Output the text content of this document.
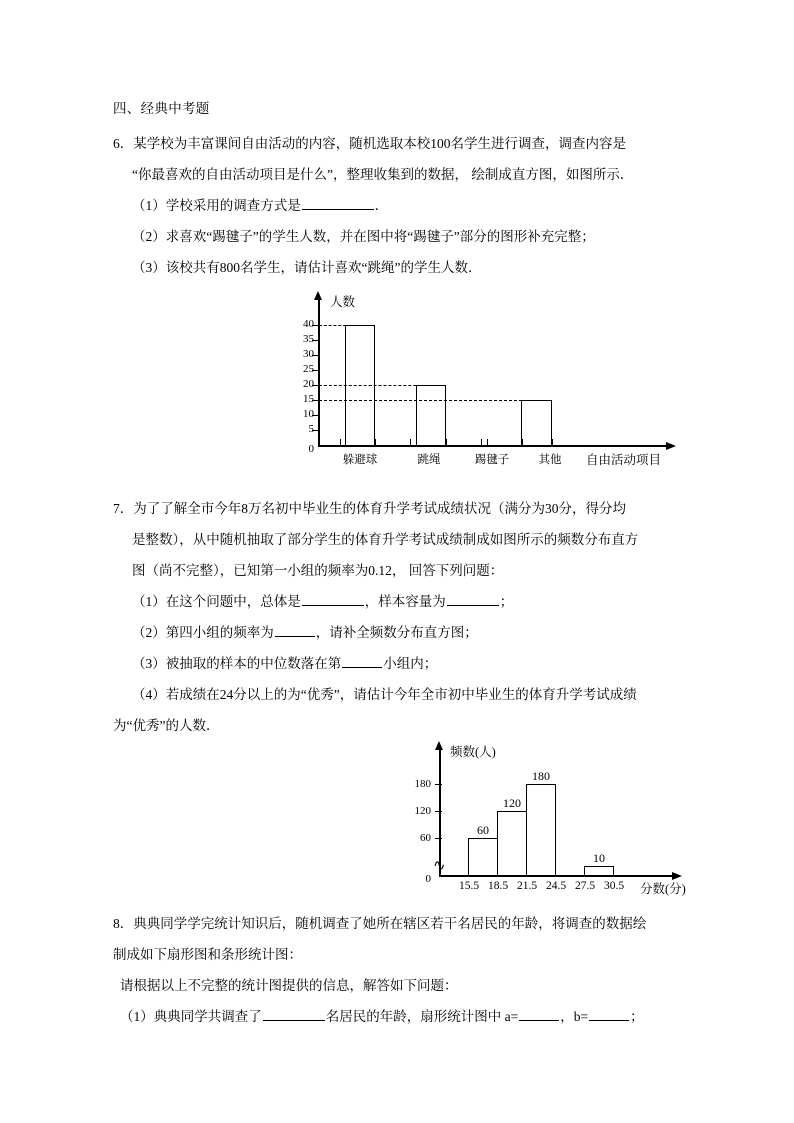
四、经典中考题
6．某学校为丰富课间自由活动的内容，随机选取本校100名学生进行调查，调查内容是
“你最喜欢的自由活动项目是什么”，整理收集到的数据， 绘制成直方图，如图所示．
（1）学校采用的调查方式是	．
（2）求喜欢“踢毽子”的学生人数，并在图中将“踢毽子”部分的图形补充完整；
（3）该校共有800名学生，请估计喜欢“跳绳”的学生人数．
人数
40
35
30
25
20
15
10
5
0
躲避球	跳绳	踢毽子	其他	自由活动项目
7．为了了解全市今年8万名初中毕业生的体育升学考试成绩状况（满分为30分，得分均
是整数），从中随机抽取了部分学生的体育升学考试成绩制成如图所示的频数分布直方
图（尚不完整），已知第一小组的频率为0.12， 回答下列问题：
（1）在这个问题中，总体是	，样本容量为	；
（2）第四小组的频率为	，请补全频数分布直方图；
（3）被抽取的样本的中位数落在第	小组内；
（4）若成绩在24分以上的为“优秀”，请估计今年全市初中毕业生的体育升学考试成绩
为“优秀”的人数．
∿
频数(人)
180
120
60
0
60
120
180
10
15.5 18.5 21.5 24.5 27.5 30.5	分数(分)
8．典典同学学完统计知识后，随机调查了她所在辖区若干名居民的年龄，将调查的数据绘
制成如下扇形图和条形统计图：
请根据以上不完整的统计图提供的信息，解答如下问题：
（1）典典同学共调查了	名居民的年龄，扇形统计图中 a=	，b=	；
